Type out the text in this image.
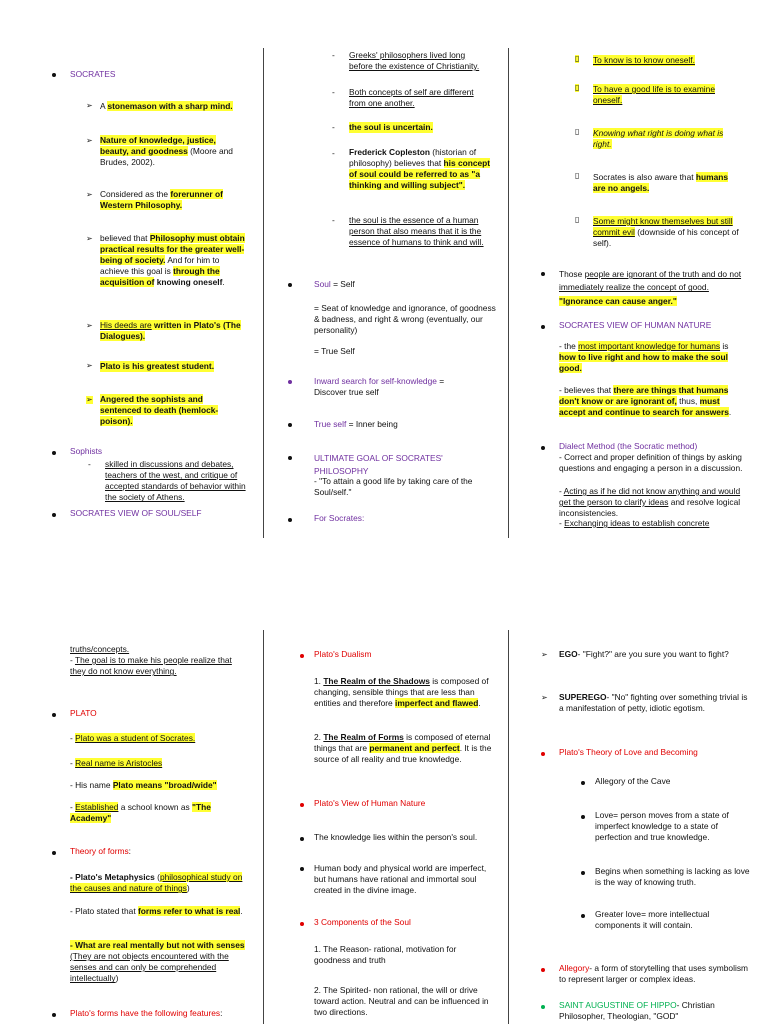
SOCRATES
➢ A stonemason with a sharp mind.
➢ Nature of knowledge, justice, beauty, and goodness (Moore and Brudes, 2002).
➢ Considered as the forerunner of Western Philosophy.
➢ believed that Philosophy must obtain practical results for the greater well-being of society. And for him to achieve this goal is through the acquisition of knowing oneself.
➢ His deeds are written in Plato's (The Dialogues).
➢ Plato is his greatest student.
➢ Angered the sophists and sentenced to death (hemlock-poison).
Sophists
- skilled in discussions and debates, teachers of the west, and critique of accepted standards of behavior within the society of Athens.
SOCRATES VIEW OF SOUL/SELF
- Greeks' philosophers lived long before the existence of Christianity.
- Both concepts of self are different from one another.
- the soul is uncertain.
- Frederick Copleston (historian of philosophy) believes that his concept of soul could be referred to as "a thinking and willing subject".
- the soul is the essence of a human person that also means that it is the essence of humans to think and will.
Soul = Self
= Seat of knowledge and ignorance, of goodness & badness, and right & wrong (eventually, our personality)
= True Self
Inward search for self-knowledge =
Discover true self
True self = Inner being
ULTIMATE GOAL OF SOCRATES' PHILOSOPHY
- "To attain a good life by taking care of the Soul/self."
For Socrates:
▯ To know is to know oneself.
▯ To have a good life is to examine oneself.
▯ Knowing what right is doing what is right.
▯ Socrates is also aware that humans are no angels.
▯ Some might know themselves but still commit evil (downside of his concept of self).
Those people are ignorant of the truth and do not immediately realize the concept of good. "Ignorance can cause anger."
SOCRATES VIEW OF HUMAN NATURE
- the most important knowledge for humans is how to live right and how to make the soul good.
- believes that there are things that humans don't know or are ignorant of, thus, must accept and continue to search for answers.
Dialect Method (the Socratic method)
- Correct and proper definition of things by asking questions and engaging a person in a discussion.
- Acting as if he did not know anything and would get the person to clarify ideas and resolve logical inconsistencies.
- Exchanging ideas to establish concrete
truths/concepts.
- The goal is to make his people realize that they do not know everything.
PLATO
- Plato was a student of Socrates.
- Real name is Aristocles
- His name Plato means "broad/wide"
- Established a school known as "The Academy"
Theory of forms:
- Plato's Metaphysics (philosophical study on the causes and nature of things)
- Plato stated that forms refer to what is real.
- What are real mentally but not with senses (They are not objects encountered with the senses and can only be comprehended intellectually)
Plato's forms have the following features:
Plato's Dualism
1. The Realm of the Shadows is composed of changing, sensible things that are less than entities and therefore imperfect and flawed.
2. The Realm of Forms is composed of eternal things that are permanent and perfect. It is the source of all reality and true knowledge.
Plato's View of Human Nature
The knowledge lies within the person's soul.
Human body and physical world are imperfect, but humans have rational and immortal soul created in the divine image.
3 Components of the Soul
1. The Reason- rational, motivation for goodness and truth
2. The Spirited- non rational, the will or drive toward action. Neutral and can be influenced in two directions.
➢ EGO- "Fight?" are you sure you want to fight?
➢ SUPEREGO- "No" fighting over something trivial is a manifestation of petty, idiotic egotism.
Plato's Theory of Love and Becoming
Allegory of the Cave
Love= person moves from a state of imperfect knowledge to a state of perfection and true knowledge.
Begins when something is lacking as love is the way of knowing truth.
Greater love= more intellectual components it will contain.
Allegory- a form of storytelling that uses symbolism to represent larger or complex ideas.
SAINT AUGUSTINE OF HIPPO- Christian Philosopher, Theologian, "GOD"
